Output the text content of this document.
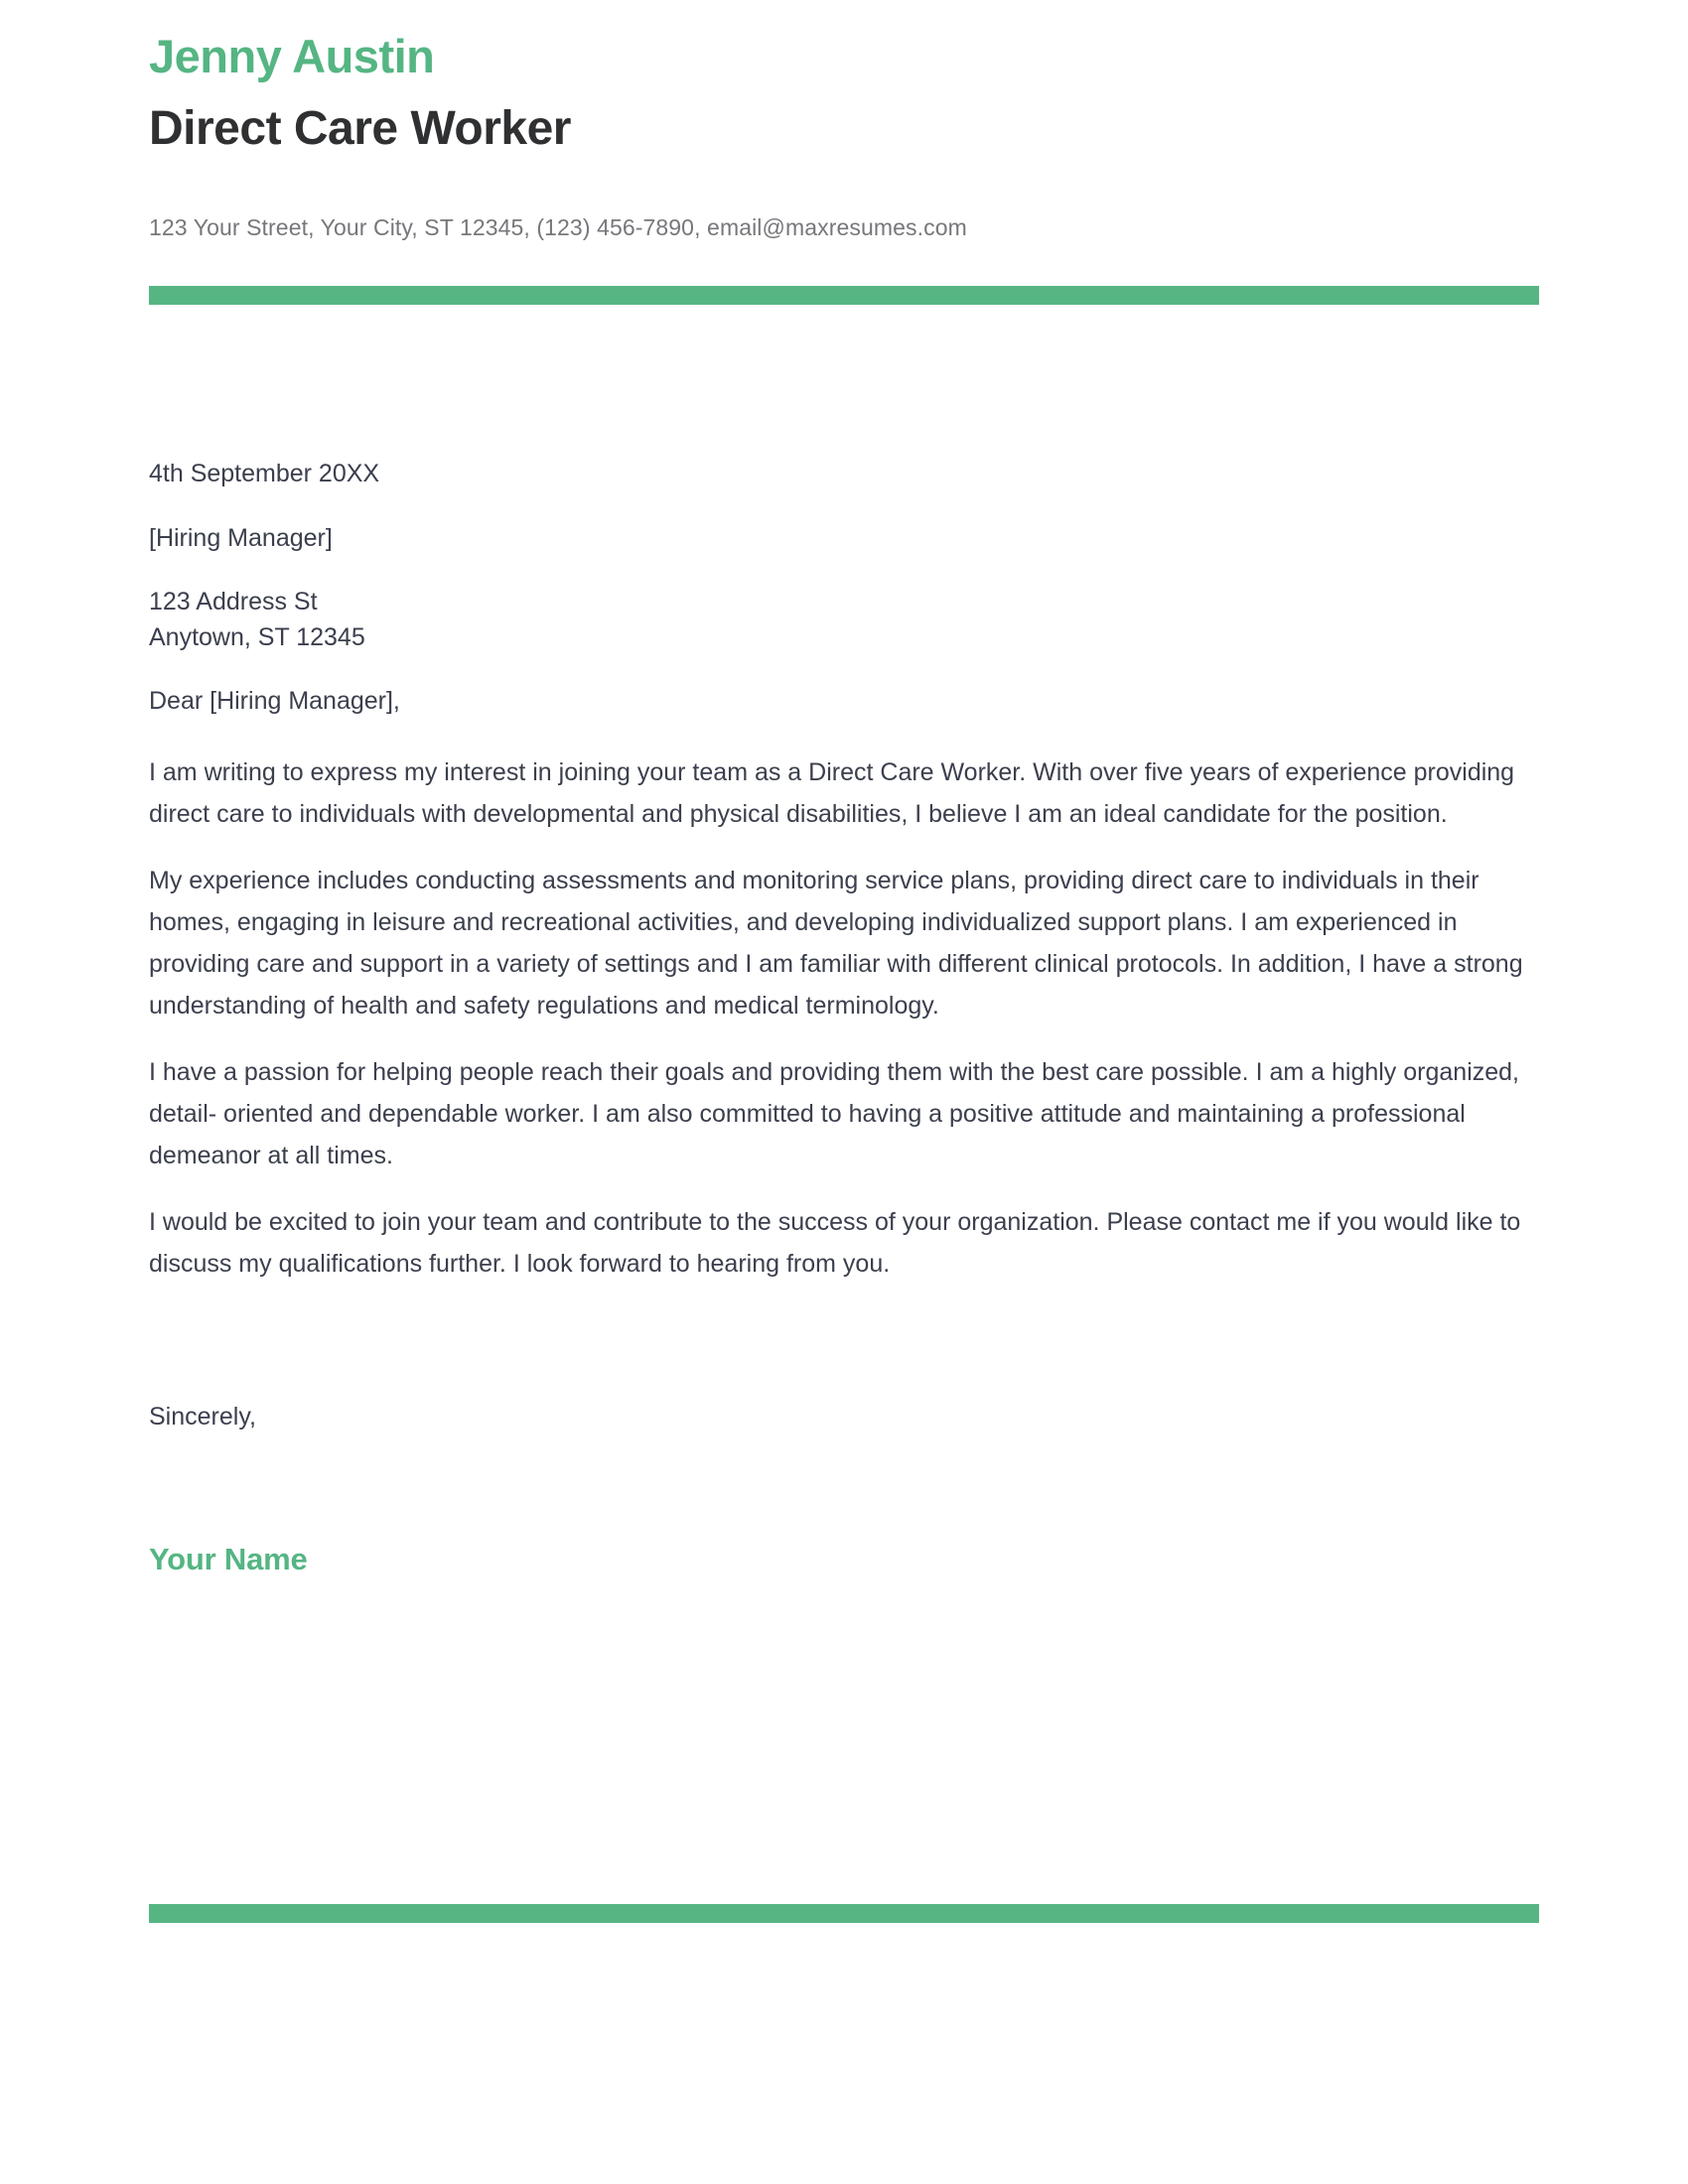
Jenny Austin
Direct Care Worker

123 Your Street, Your City, ST 12345, (123) 456-7890, email@maxresumes.com

4th September 20XX

[Hiring Manager]

123 Address St
Anytown, ST 12345

Dear [Hiring Manager],

I am writing to express my interest in joining your team as a Direct Care Worker. With over five years of experience providing direct care to individuals with developmental and physical disabilities, I believe I am an ideal candidate for the position.

My experience includes conducting assessments and monitoring service plans, providing direct care to individuals in their homes, engaging in leisure and recreational activities, and developing individualized support plans. I am experienced in providing care and support in a variety of settings and I am familiar with different clinical protocols. In addition, I have a strong understanding of health and safety regulations and medical terminology.

I have a passion for helping people reach their goals and providing them with the best care possible. I am a highly organized, detail- oriented and dependable worker. I am also committed to having a positive attitude and maintaining a professional demeanor at all times.

I would be excited to join your team and contribute to the success of your organization. Please contact me if you would like to discuss my qualifications further. I look forward to hearing from you.

Sincerely,

Your Name
